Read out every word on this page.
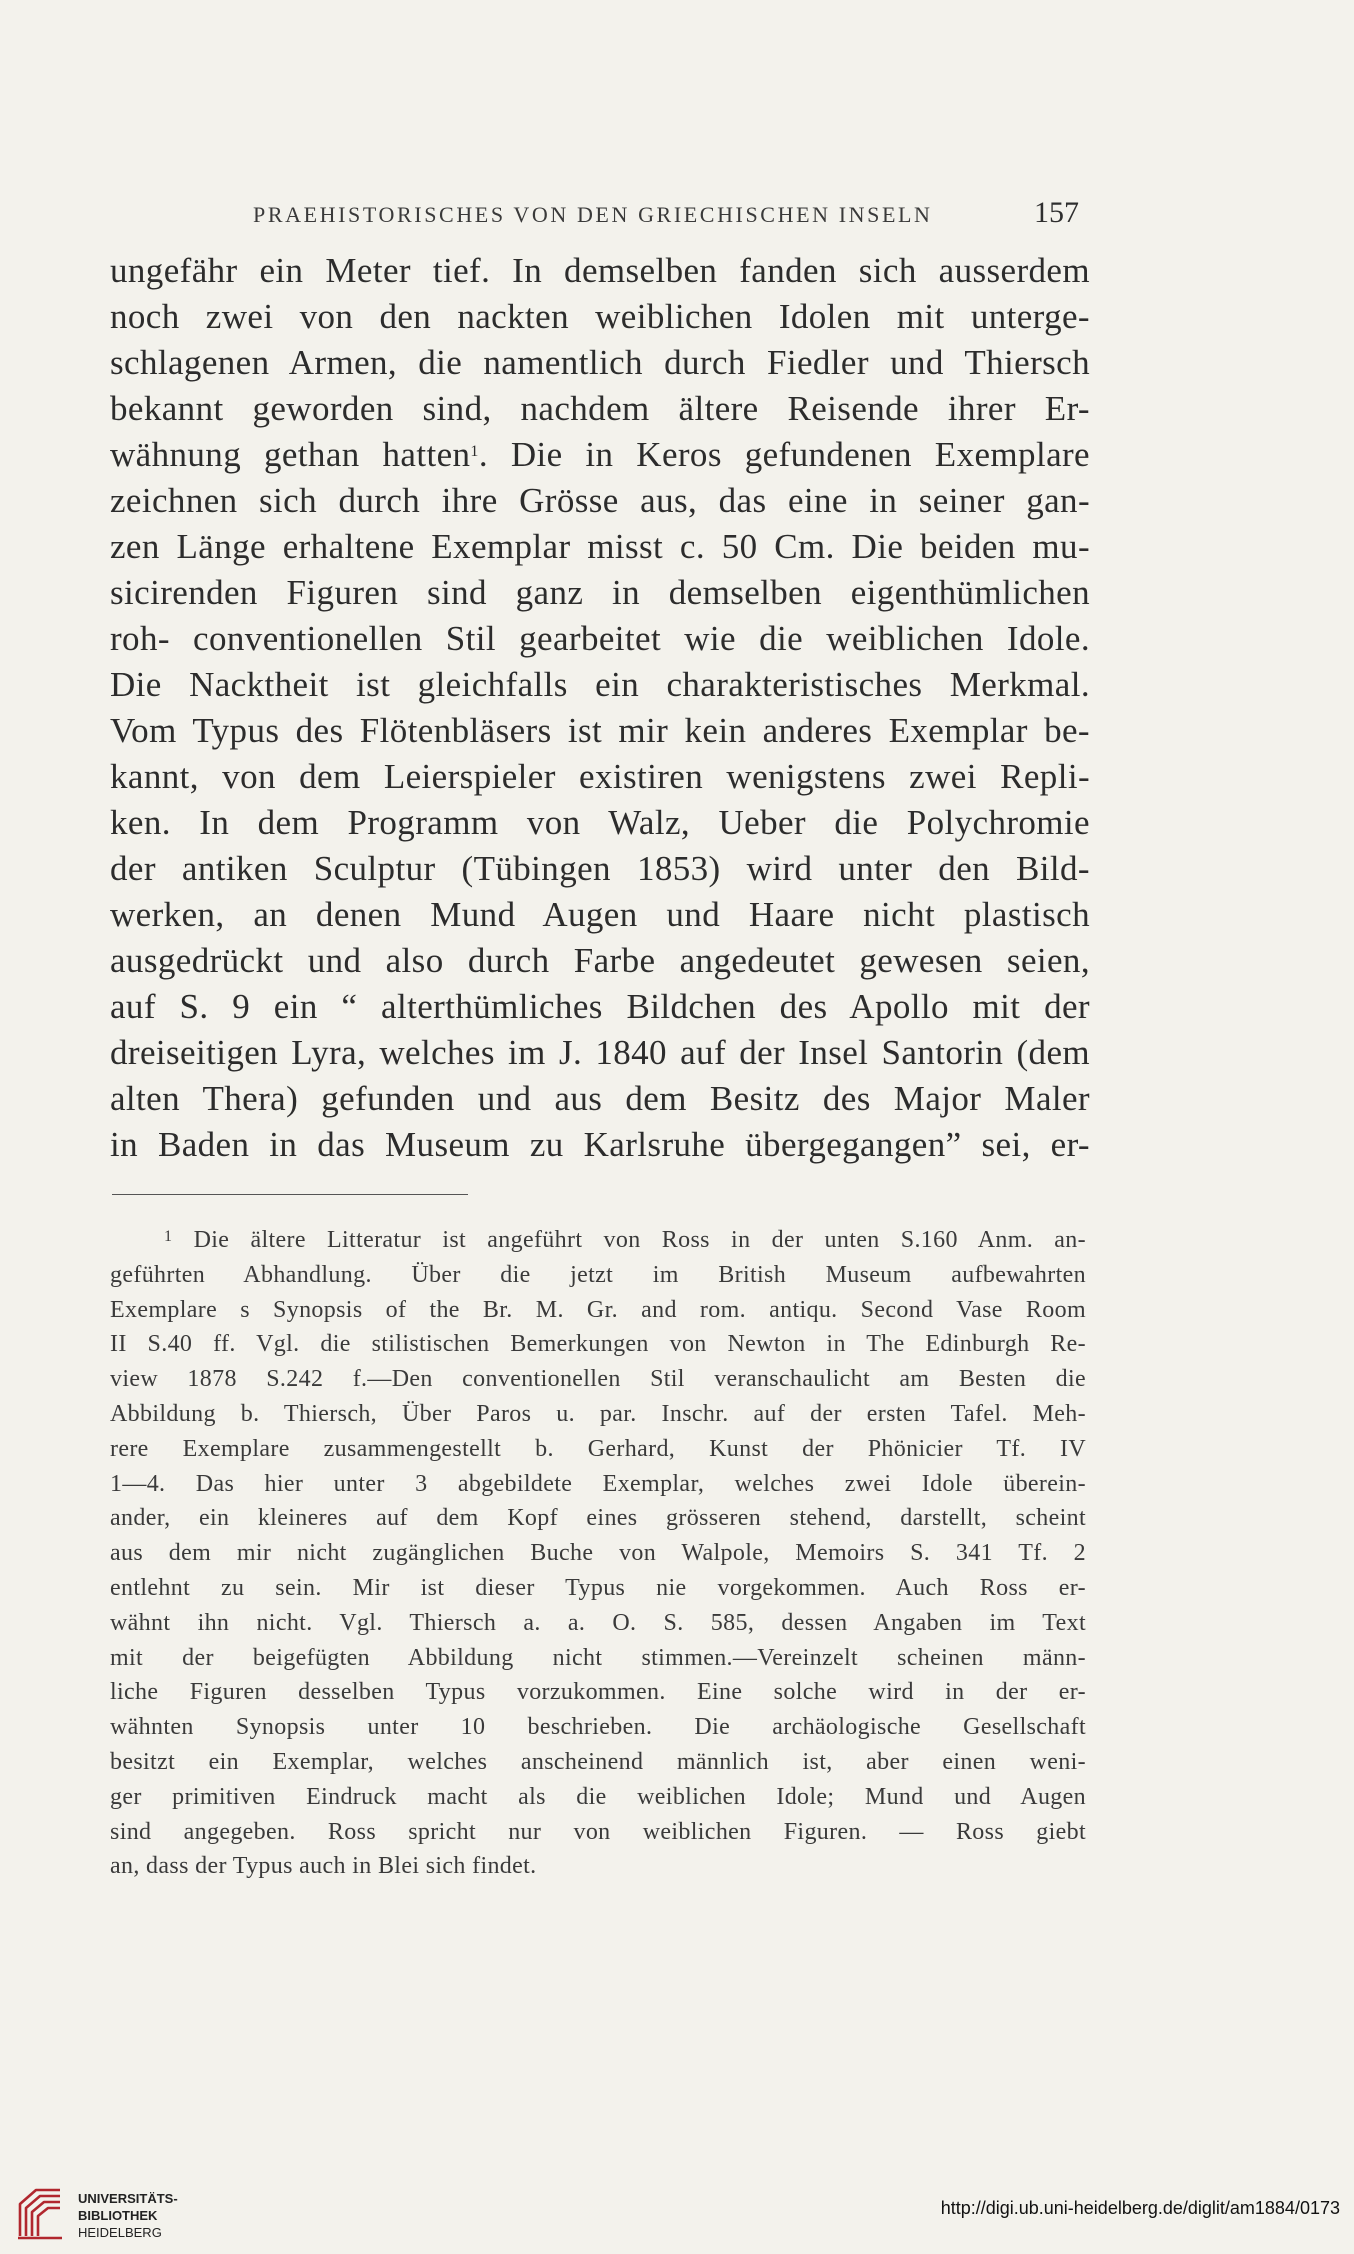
PRAEHISTORISCHES VON DEN GRIECHISCHEN INSELN	157
ungefähr ein Meter tief. In demselben fanden sich ausserdem
noch zwei von den nackten weiblichen Idolen mit unterge-
schlagenen Armen, die namentlich durch Fiedler und Thiersch
bekannt geworden sind, nachdem ältere Reisende ihrer Er-
wähnung gethan hatten$^1$. Die in Keros gefundenen Exemplare
zeichnen sich durch ihre Grösse aus, das eine in seiner gan-
zen Länge erhaltene Exemplar misst c. 50 Cm. Die beiden mu-
sicirenden Figuren sind ganz in demselben eigenthümlichen
roh- conventionellen Stil gearbeitet wie die weiblichen Idole.
Die Nacktheit ist gleichfalls ein charakteristisches Merkmal.
Vom Typus des Flötenbläsers ist mir kein anderes Exemplar be-
kannt, von dem Leierspieler existiren wenigstens zwei Repli-
ken. In dem Programm von Walz, Ueber die Polychromie
der antiken Sculptur (Tübingen 1853) wird unter den Bild-
werken, an denen Mund Augen und Haare nicht plastisch
ausgedrückt und also durch Farbe angedeutet gewesen seien,
auf S. 9 ein “ alterthümliches Bildchen des Apollo mit der
dreiseitigen Lyra, welches im J. 1840 auf der Insel Santorin (dem
alten Thera) gefunden und aus dem Besitz des Major Maler
in Baden in das Museum zu Karlsruhe übergegangen” sei, er-
$^1$ Die ältere Litteratur ist angeführt von Ross in der unten S.160 Anm. an-
geführten Abhandlung. Über die jetzt im British Museum aufbewahrten
Exemplare s Synopsis of the Br. M. Gr. and rom. antiqu. Second Vase Room
II S.40 ff. Vgl. die stilistischen Bemerkungen von Newton in The Edinburgh Re-
view 1878 S.242 f.—Den conventionellen Stil veranschaulicht am Besten die
Abbildung b. Thiersch, Über Paros u. par. Inschr. auf der ersten Tafel. Meh-
rere Exemplare zusammengestellt b. Gerhard, Kunst der Phönicier Tf. IV
1—4. Das hier unter 3 abgebildete Exemplar, welches zwei Idole überein-
ander, ein kleineres auf dem Kopf eines grösseren stehend, darstellt, scheint
aus dem mir nicht zugänglichen Buche von Walpole, Memoirs S. 341 Tf. 2
entlehnt zu sein. Mir ist dieser Typus nie vorgekommen. Auch Ross er-
wähnt ihn nicht. Vgl. Thiersch a. a. O. S. 585, dessen Angaben im Text
mit der beigefügten Abbildung nicht stimmen.—Vereinzelt scheinen männ-
liche Figuren desselben Typus vorzukommen. Eine solche wird in der er-
wähnten Synopsis unter 10 beschrieben. Die archäologische Gesellschaft
besitzt ein Exemplar, welches anscheinend männlich ist, aber einen weni-
ger primitiven Eindruck macht als die weiblichen Idole; Mund und Augen
sind angegeben. Ross spricht nur von weiblichen Figuren. — Ross giebt
an, dass der Typus auch in Blei sich findet.
UNIVERSITÄTS-
BIBLIOTHEK
HEIDELBERG
http://digi.ub.uni-heidelberg.de/diglit/am1884/0173
